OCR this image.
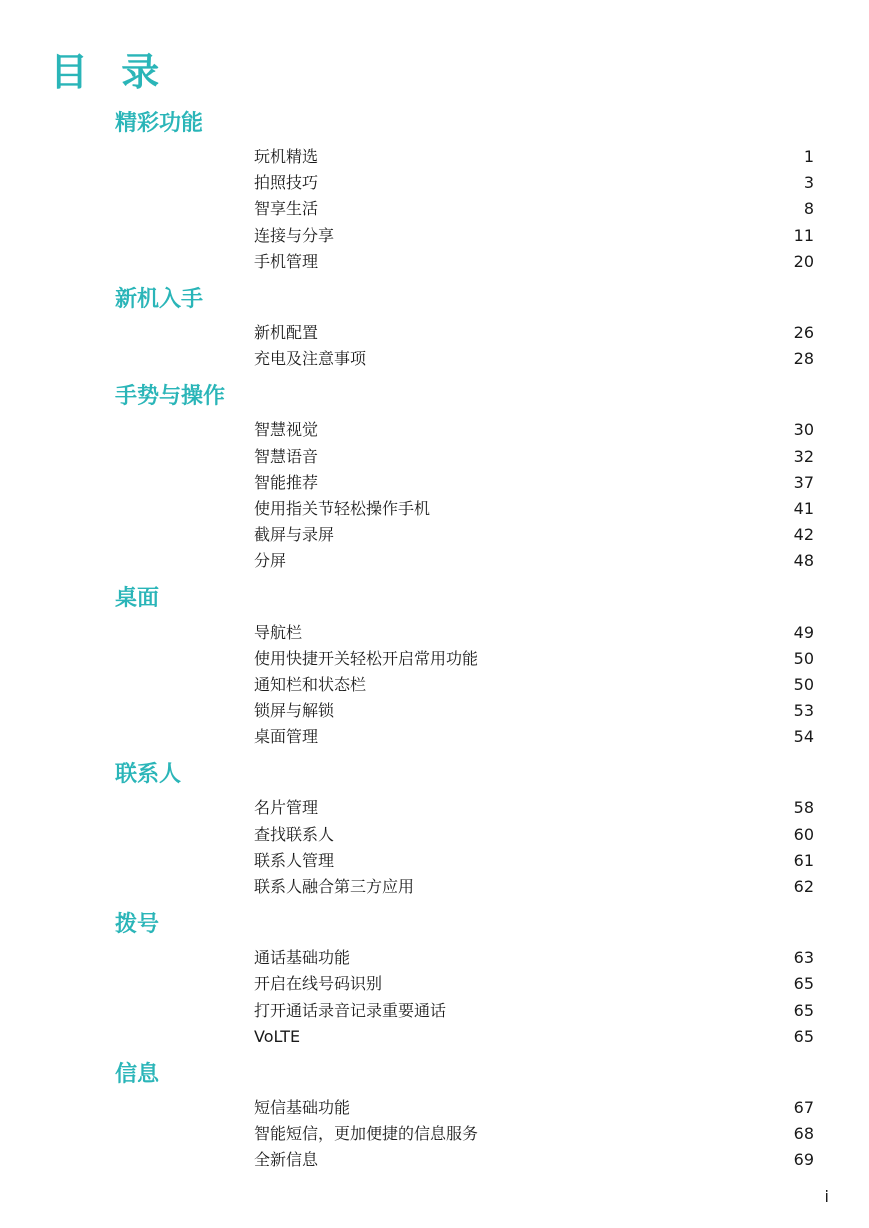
目 录
精彩功能
玩机精选	1
拍照技巧	3
智享生活	8
连接与分享	11
手机管理	20
新机入手
新机配置	26
充电及注意事项	28
手势与操作
智慧视觉	30
智慧语音	32
智能推荐	37
使用指关节轻松操作手机	41
截屏与录屏	42
分屏	48
桌面
导航栏	49
使用快捷开关轻松开启常用功能	50
通知栏和状态栏	50
锁屏与解锁	53
桌面管理	54
联系人
名片管理	58
查找联系人	60
联系人管理	61
联系人融合第三方应用	62
拨号
通话基础功能	63
开启在线号码识别	65
打开通话录音记录重要通话	65
VoLTE	65
信息
短信基础功能	67
智能短信，更加便捷的信息服务	68
全新信息	69
i
